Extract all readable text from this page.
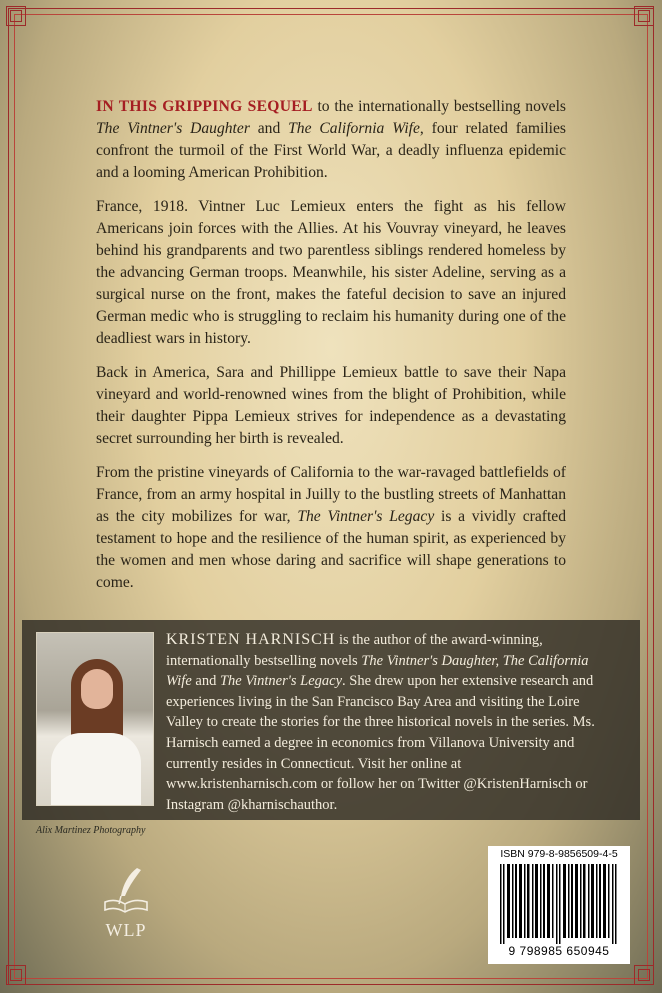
IN THIS GRIPPING SEQUEL to the internationally bestselling novels The Vintner's Daughter and The California Wife, four related families confront the turmoil of the First World War, a deadly influenza epidemic and a looming American Prohibition.

France, 1918. Vintner Luc Lemieux enters the fight as his fellow Americans join forces with the Allies. At his Vouvray vineyard, he leaves behind his grandparents and two parentless siblings rendered homeless by the advancing German troops. Meanwhile, his sister Adeline, serving as a surgical nurse on the front, makes the fateful decision to save an injured German medic who is struggling to reclaim his humanity during one of the deadliest wars in history.

Back in America, Sara and Phillippe Lemieux battle to save their Napa vineyard and world-renowned wines from the blight of Prohibition, while their daughter Pippa Lemieux strives for independence as a devastating secret surrounding her birth is revealed.

From the pristine vineyards of California to the war-ravaged battlefields of France, from an army hospital in Juilly to the bustling streets of Manhattan as the city mobilizes for war, The Vintner's Legacy is a vividly crafted testament to hope and the resilience of the human spirit, as experienced by the women and men whose daring and sacrifice will shape generations to come.

KRISTEN HARNISCH is the author of the award-winning, internationally bestselling novels The Vintner's Daughter, The California Wife and The Vintner's Legacy. She drew upon her extensive research and experiences living in the San Francisco Bay Area and visiting the Loire Valley to create the stories for the three historical novels in the series. Ms. Harnisch earned a degree in economics from Villanova University and currently resides in Connecticut. Visit her online at www.kristenharnisch.com or follow her on Twitter @KristenHarnisch or Instagram @kharnischauthor.
Alix Martinez Photography
WLP
ISBN 979-8-9856509-4-5
9 798985 650945
